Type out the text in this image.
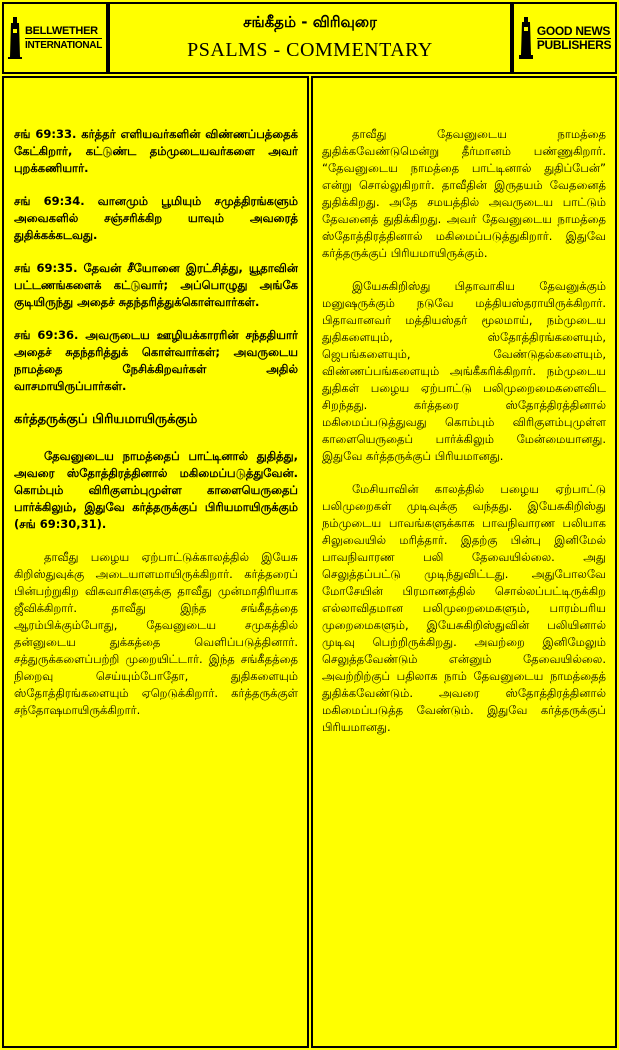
BELLWETHER
INTERNATIONAL
சங்கீதம் - விரிவுரை
PSALMS - COMMENTARY
GOOD NEWS
PUBLISHERS

சங் 69:33. கர்த்தர் எளியவர்களின் விண்ணப்பத்தைக் கேட்கிறார், கட்டுண்ட தம்முடையவர்களை அவர் புறக்கணியார்.

சங் 69:34. வானமும் பூமியும் சமுத்திரங்களும் அவைகளில் சஞ்சரிக்கிற யாவும் அவரைத் துதிக்கக்கடவது.

சங் 69:35. தேவன் சீயோனை இரட்சித்து, யூதாவின் பட்டணங்களைக் கட்டுவார்; அப்பொழுது அங்கே குடியிருந்து அதைச் சுதந்தரித்துக்கொள்வார்கள்.

சங் 69:36. அவருடைய ஊழியக்காரரின் சந்ததியார் அதைச் சுதந்தரித்துக் கொள்வார்கள்; அவருடைய நாமத்தை நேசிக்கிறவர்கள் அதில் வாசமாயிருப்பார்கள்.

கர்த்தருக்குப் பிரியமாயிருக்கும்

தேவனுடைய நாமத்தைப் பாட்டினால் துதித்து, அவரை ஸ்தோத்திரத்தினால் மகிமைப்படுத்துவேன். கொம்பும் விரிகுளம்புமுள்ள காளையெருதைப் பார்க்கிலும், இதுவே கர்த்தருக்குப் பிரியமாயிருக்கும் (சங் 69:30,31).

தாவீது பழைய ஏற்பாட்டுக்காலத்தில் இயேசு கிறிஸ்துவுக்கு அடையாளமாயிருக்கிறார். கர்த்தரைப் பின்பற்றுகிற விசுவாசிகளுக்கு தாவீது முன்மாதிரியாக ஜீவிக்கிறார். தாவீது இந்த சங்கீதத்தை ஆரம்பிக்கும்போது, தேவனுடைய சமுகத்தில் தன்னுடைய துக்கத்தை வெளிப்படுத்தினார். சத்துருக்களைப்பற்றி முறையிட்டார். இந்த சங்கீதத்தை நிறைவு செய்யும்போதோ, துதிகளையும் ஸ்தோத்திரங்களையும் ஏறெடுக்கிறார். கர்த்தருக்குள் சந்தோஷமாயிருக்கிறார்.

தாவீது தேவனுடைய நாமத்தை துதிக்கவேண்டுமென்று தீர்மானம் பண்ணுகிறார். “தேவனுடைய நாமத்தை பாட்டினால் துதிப்பேன்” என்று சொல்லுகிறார். தாவீதின் இருதயம் வேதனைத் துதிக்கிறது. அதே சமயத்தில் அவருடைய பாட்டும் தேவனைத் துதிக்கிறது. அவர் தேவனுடைய நாமத்தை ஸ்தோத்திரத்தினால் மகிமைப்படுத்துகிறார். இதுவே கர்த்தருக்குப் பிரியமாயிருக்கும்.

இயேசுகிறிஸ்து பிதாவாகிய தேவனுக்கும் மனுஷருக்கும் நடுவே மத்தியஸ்தராயிருக்கிறார். பிதாவானவர் மத்தியஸ்தர் மூலமாய், நம்முடைய துதிகளையும், ஸ்தோத்திரங்களையும், ஜெபங்களையும், வேண்டுதல்களையும், விண்ணப்பங்களையும் அங்கீகரிக்கிறார். நம்முடைய துதிகள் பழைய ஏற்பாட்டு பலிமுறைமைகளைவிட சிறந்தது. கர்த்தரை ஸ்தோத்திரத்தினால் மகிமைப்படுத்துவது கொம்பும் விரிகுளம்புமுள்ள காளையெருதைப் பார்க்கிலும் மேன்மையானது. இதுவே கர்த்தருக்குப் பிரியமானது.

மேசியாவின் காலத்தில் பழைய ஏற்பாட்டு பலிமுறைகள் முடிவுக்கு வந்தது. இயேசுகிறிஸ்து நம்முடைய பாவங்களுக்காக பாவநிவாரண பலியாக சிலுவையில் மரித்தார். இதற்கு பின்பு இனிமேல் பாவநிவாரண பலி தேவையில்லை. அது செலுத்தப்பட்டு முடிந்துவிட்டது. அதுபோலவே மோசேயின் பிரமாணத்தில் சொல்லப்பட்டிருக்கிற எல்லாவிதமான பலிமுறைமைகளும், பாரம்பரிய முறைமைகளும், இயேசுகிறிஸ்துவின் பலியினால் முடிவு பெற்றிருக்கிறது. அவற்றை இனிமேலும் செலுத்தவேண்டும் என்னும் தேவையில்லை. அவற்றிற்குப் பதிலாக நாம் தேவனுடைய நாமத்தைத் துதிக்கவேண்டும். அவரை ஸ்தோத்திரத்தினால் மகிமைப்படுத்த வேண்டும். இதுவே கர்த்தருக்குப் பிரியமானது.
